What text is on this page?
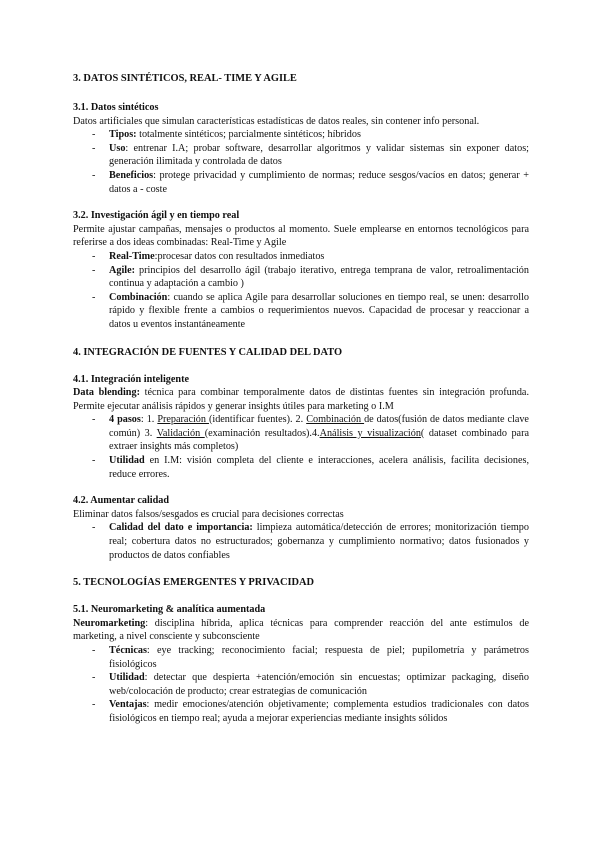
3. DATOS SINTÉTICOS, REAL- TIME Y AGILE
3.1. Datos sintéticos

Datos artificiales que simulan características estadísticas de datos reales, sin contener info personal.

- Tipos: totalmente sintéticos; parcialmente sintéticos; híbridos
- Uso: entrenar I.A; probar software, desarrollar algoritmos y validar sistemas sin exponer datos; generación ilimitada y controlada de datos
- Beneficios: protege privacidad y cumplimiento de normas; reduce sesgos/vacíos en datos; generar + datos a - coste
3.2. Investigación ágil y en tiempo real

Permite ajustar campañas, mensajes o productos al momento. Suele emplearse en entornos tecnológicos para referirse a dos ideas combinadas: Real-Time y Agile

- Real-Time:procesar datos con resultados inmediatos
- Agile: principios del desarrollo ágil (trabajo iterativo, entrega temprana de valor, retroalimentación continua y adaptación a cambio )
- Combinación: cuando se aplica Agile para desarrollar soluciones en tiempo real, se unen: desarrollo rápido y flexible frente a cambios o requerimientos nuevos. Capacidad de procesar y reaccionar a datos u eventos instantáneamente
4. INTEGRACIÓN DE FUENTES Y CALIDAD DEL DATO
4.1. Integración inteligente

Data blending: técnica para combinar temporalmente datos de distintas fuentes sin integración profunda. Permite ejecutar análisis rápidos y generar insights útiles para marketing o I.M

- 4 pasos: 1. Preparación (identificar fuentes). 2. Combinación de datos(fusión de datos mediante clave común) 3. Validación (examinación resultados).4.Análisis y visualización( dataset combinado para extraer insights más completos)
- Utilidad en I.M: visión completa del cliente e interacciones, acelera análisis, facilita decisiones, reduce errores.
4.2. Aumentar calidad

Eliminar datos falsos/sesgados es crucial para decisiones correctas

- Calidad del dato e importancia: limpieza automática/detección de errores; monitorización tiempo real; cobertura datos no estructurados; gobernanza y cumplimiento normativo; datos fusionados y productos de datos confiables
5. TECNOLOGÍAS EMERGENTES Y PRIVACIDAD
5.1. Neuromarketing & analítica aumentada

Neuromarketing: disciplina híbrida, aplica técnicas para comprender reacción del ante estímulos de marketing, a nivel consciente y subconsciente

- Técnicas: eye tracking; reconocimiento facial; respuesta de piel; pupilometría y parámetros fisiológicos
- Utilidad: detectar que despierta +atención/emoción sin encuestas; optimizar packaging, diseño web/colocación de producto; crear estrategias de comunicación
- Ventajas: medir emociones/atención objetivamente; complementa estudios tradicionales con datos fisiológicos en tiempo real; ayuda a mejorar experiencias mediante insights sólidos
